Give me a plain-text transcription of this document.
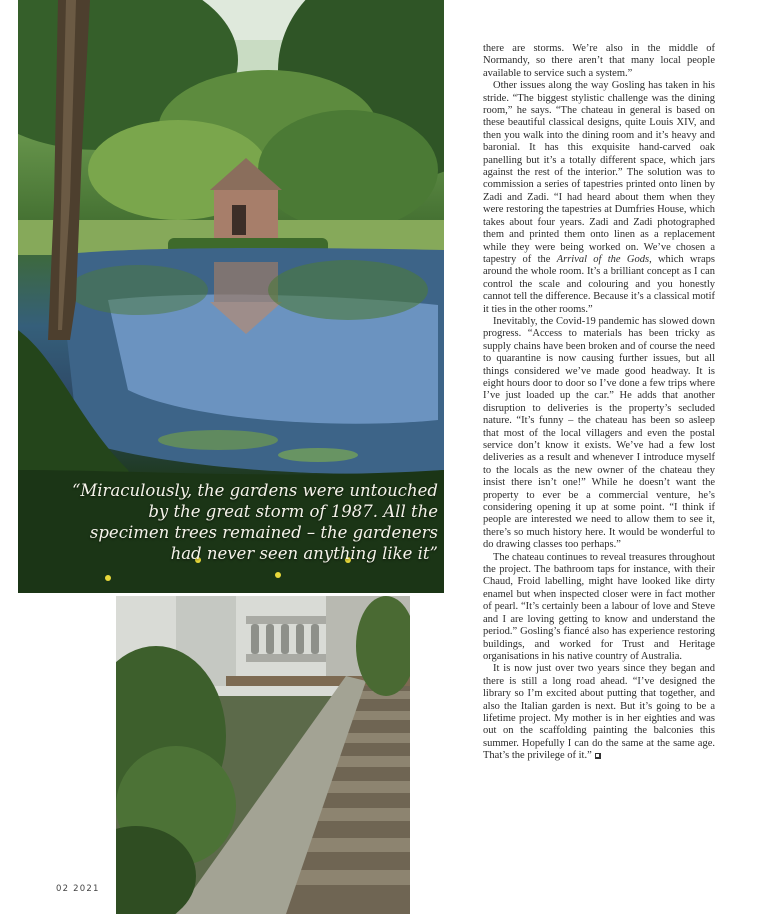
“Miraculously, the gardens were untouched
by the great storm of 1987. All the
specimen trees remained – the gardeners
had never seen anything like it”
02 2021

there are storms. We’re also in the middle of Normandy, so there aren’t that many local people available to service such a system.”

Other issues along the way Gosling has taken in his stride. “The biggest stylistic challenge was the dining room,” he says. “The chateau in general is based on these beautiful classical designs, quite Louis XIV, and then you walk into the dining room and it’s heavy and baronial. It has this exquisite hand-carved oak panelling but it’s a totally different space, which jars against the rest of the interior.” The solution was to commission a series of tapestries printed onto linen by Zadi and Zadi. “I had heard about them when they were restoring the tapestries at Dumfries House, which takes about four years. Zadi and Zadi photographed them and printed them onto linen as a replacement while they were being worked on. We’ve chosen a tapestry of the Arrival of the Gods, which wraps around the whole room. It’s a brilliant concept as I can control the scale and colouring and you honestly cannot tell the difference. Because it’s a classical motif it ties in the other rooms.”

Inevitably, the Covid-19 pandemic has slowed down progress. “Access to materials has been tricky as supply chains have been broken and of course the need to quarantine is now causing further issues, but all things considered we’ve made good headway. It is eight hours door to door so I’ve done a few trips where I’ve just loaded up the car.” He adds that another disruption to deliveries is the property’s secluded nature. “It’s funny – the chateau has been so asleep that most of the local villagers and even the postal service don’t know it exists. We’ve had a few lost deliveries as a result and whenever I introduce myself to the locals as the new owner of the chateau they insist there isn’t one!” While he doesn’t want the property to ever be a commercial venture, he’s considering opening it up at some point. “I think if people are interested we need to allow them to see it, there’s so much history here. It would be wonderful to do drawing classes too perhaps.”

The chateau continues to reveal treasures throughout the project. The bathroom taps for instance, with their Chaud, Froid labelling, might have looked like dirty enamel but when inspected closer were in fact mother of pearl. “It’s certainly been a labour of love and Steve and I are loving getting to know and understand the period.” Gosling’s fiancé also has experience restoring buildings, and worked for Trust and Heritage organisations in his native country of Australia.

It is now just over two years since they began and there is still a long road ahead. “I’ve designed the library so I’m excited about putting that together, and also the Italian garden is next. But it’s going to be a lifetime project. My mother is in her eighties and was out on the scaffolding painting the balconies this summer. Hopefully I can do the same at the same age. That’s the privilege of it.”
